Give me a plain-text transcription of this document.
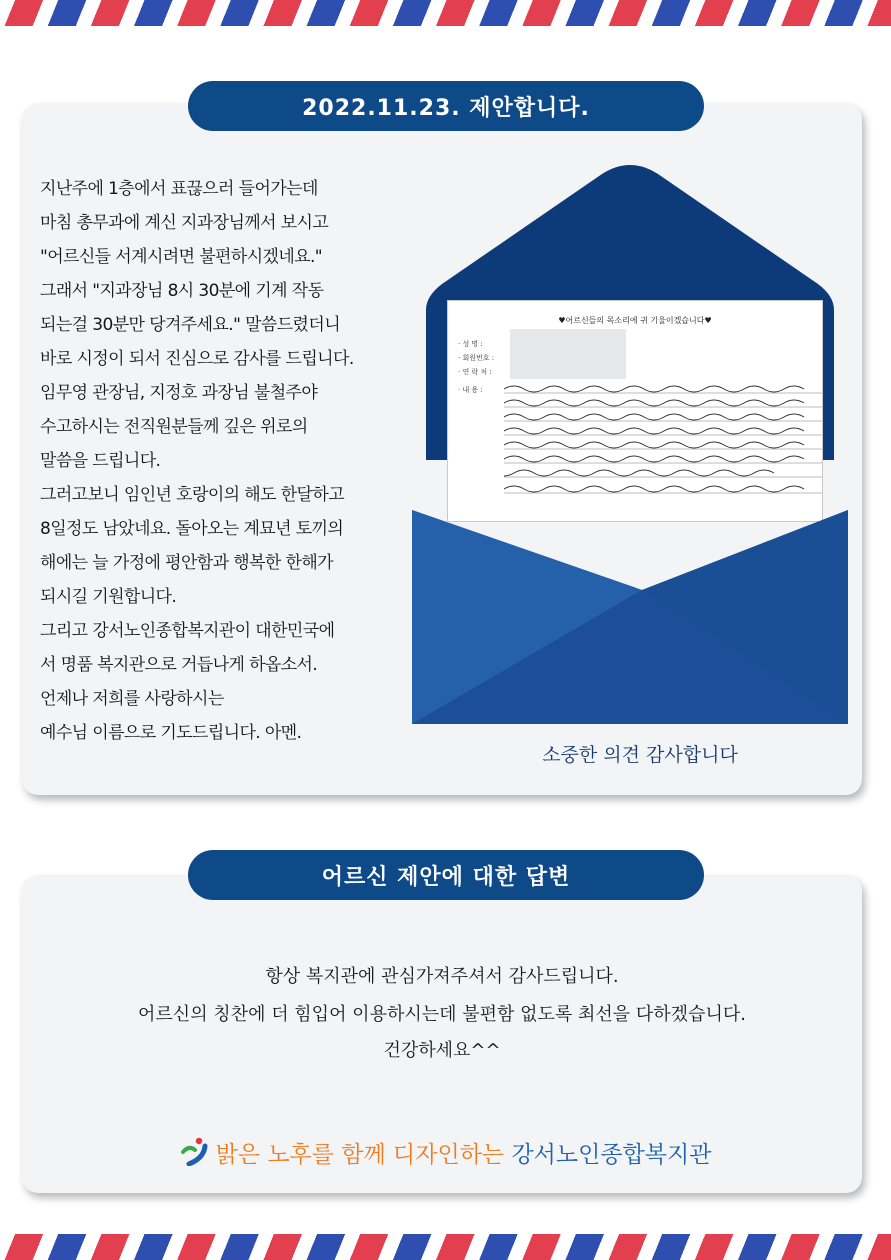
2022.11.23. 제안합니다.
지난주에 1층에서 표끊으러 들어가는데
마침 총무과에 계신 지과장님께서 보시고
"어르신들 서계시려면 불편하시겠네요."
그래서 "지과장님 8시 30분에 기계 작동
되는걸 30분만 당겨주세요." 말씀드렸더니
바로 시정이 되서 진심으로 감사를 드립니다.
임무영 관장님, 지정호 과장님 불철주야
수고하시는 전직원분들께 깊은 위로의
말씀을 드립니다.
그러고보니 임인년 호랑이의 해도 한달하고
8일정도 남았네요. 돌아오는 계묘년 토끼의
해에는 늘 가정에 평안함과 행복한 한해가
되시길 기원합니다.
그리고 강서노인종합복지관이 대한민국에
서 명품 복지관으로 거듭나게 하옵소서.
언제나 저희를 사랑하시는
예수님 이름으로 기도드립니다. 아멘.
♥어르신들의 목소리에 귀 기울이겠습니다♥
· 성 명 :
· 회원번호 :
· 연 락 처 :
· 내 용 :
소중한 의견 감사합니다
어르신 제안에 대한 답변
항상 복지관에 관심가져주셔서 감사드립니다.
어르신의 칭찬에 더 힘입어 이용하시는데 불편함 없도록 최선을 다하겠습니다.
건강하세요^^
밝은 노후를 함께 디자인하는 강서노인종합복지관
